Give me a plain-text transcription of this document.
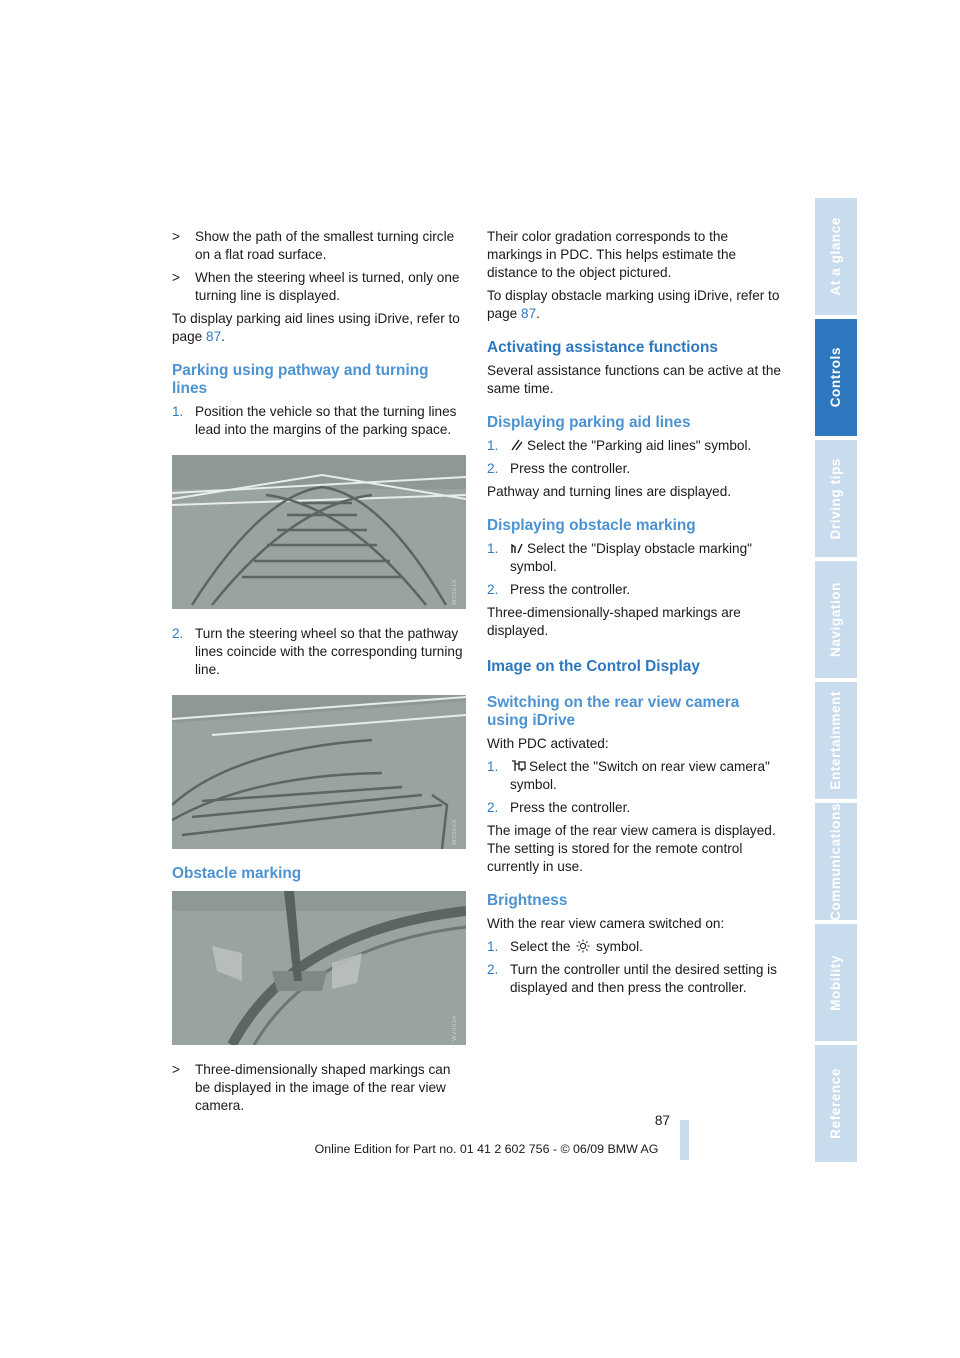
> Show the path of the smallest turning circle on a flat road surface.
> When the steering wheel is turned, only one turning line is displayed.

To display parking aid lines using iDrive, refer to page 87.

Parking using pathway and turning lines
1. Position the vehicle so that the turning lines lead into the margins of the parking space.
W2001A
2. Turn the steering wheel so that the pathway lines coincide with the corresponding turning line.
W2002A
Obstacle marking
W2003A
> Three-dimensionally shaped markings can be displayed in the image of the rear view camera.

Their color gradation corresponds to the markings in PDC. This helps estimate the distance to the object pictured.

To display obstacle marking using iDrive, refer to page 87.

Activating assistance functions

Several assistance functions can be active at the same time.

Displaying parking aid lines
1. Select the "Parking aid lines" symbol.
2. Press the controller.

Pathway and turning lines are displayed.

Displaying obstacle marking
1. Select the "Display obstacle marking" symbol.
2. Press the controller.

Three-dimensionally-shaped markings are displayed.

Image on the Control Display
Switching on the rear view camera using iDrive

With PDC activated:

1. Select the "Switch on rear view camera" symbol.
2. Press the controller.

The image of the rear view camera is displayed. The setting is stored for the remote control currently in use.

Brightness

With the rear view camera switched on:

1. Select the symbol.
2. Turn the controller until the desired setting is displayed and then press the controller.
At a glance
Controls
Driving tips
Navigation
Entertainment
Communications
Mobility
Reference
87
Online Edition for Part no. 01 41 2 602 756 - © 06/09 BMW AG
